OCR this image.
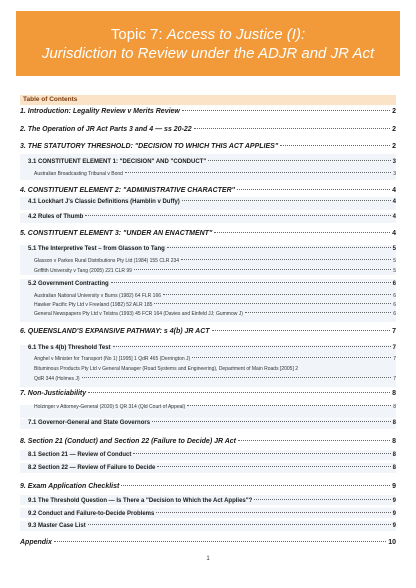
Topic 7: Access to Justice (I):
Jurisdiction to Review under the ADJR and JR Act
Table of Contents
1. Introduction: Legality Review v Merits Review	2
2. The Operation of JR Act Parts 3 and 4 — ss 20-22	2
3. THE STATUTORY THRESHOLD: "DECISION TO WHICH THIS ACT APPLIES"	2
3.1 CONSTITUENT ELEMENT 1: "DECISION" AND "CONDUCT"	3
Australian Broadcasting Tribunal v Bond	3
4. CONSTITUENT ELEMENT 2: "ADMINISTRATIVE CHARACTER"	4
4.1 Lockhart J's Classic Definitions (Hamblin v Duffy)	4
4.2 Rules of Thumb	4
5. CONSTITUENT ELEMENT 3: "UNDER AN ENACTMENT"	4
5.1 The Interpretive Test – from Glasson to Tang	5
Glasson v Parkes Rural Distributions Pty Ltd (1984) 155 CLR 234	5
Griffith University v Tang (2005) 221 CLR 99	5
5.2 Government Contracting	6
Australian National University v Burns (1982) 64 FLR 166	6
Hawker Pacific Pty Ltd v Freeland (1982) 52 ALR 185	6
General Newspapers Pty Ltd v Telstra (1993) 45 FCR 164 (Davies and Einfeld JJ; Gummow J)	6
6. QUEENSLAND'S EXPANSIVE PATHWAY: s 4(b) JR ACT	7
6.1 The s 4(b) Threshold Test	7
Anghel v Minister for Transport (No 1) [1995] 1 QdR 465 (Derrington J)	7
Bituminous Products Pty Ltd v General Manager (Road Systems and Engineering), Department of Main Roads [2005] 2
QdR 344 (Holmes J)	7
7. Non-Justiciability	8
Holzinger v Attorney-General (2020) 5 QR 314 (Qld Court of Appeal)	8
7.1 Governor-General and State Governors	8
8. Section 21 (Conduct) and Section 22 (Failure to Decide) JR Act	8
8.1 Section 21 — Review of Conduct	8
8.2 Section 22 — Review of Failure to Decide	8
9. Exam Application Checklist	9
9.1 The Threshold Question — Is There a "Decision to Which the Act Applies"?	9
9.2 Conduct and Failure-to-Decide Problems	9
9.3 Master Case List	9
Appendix	10
1
